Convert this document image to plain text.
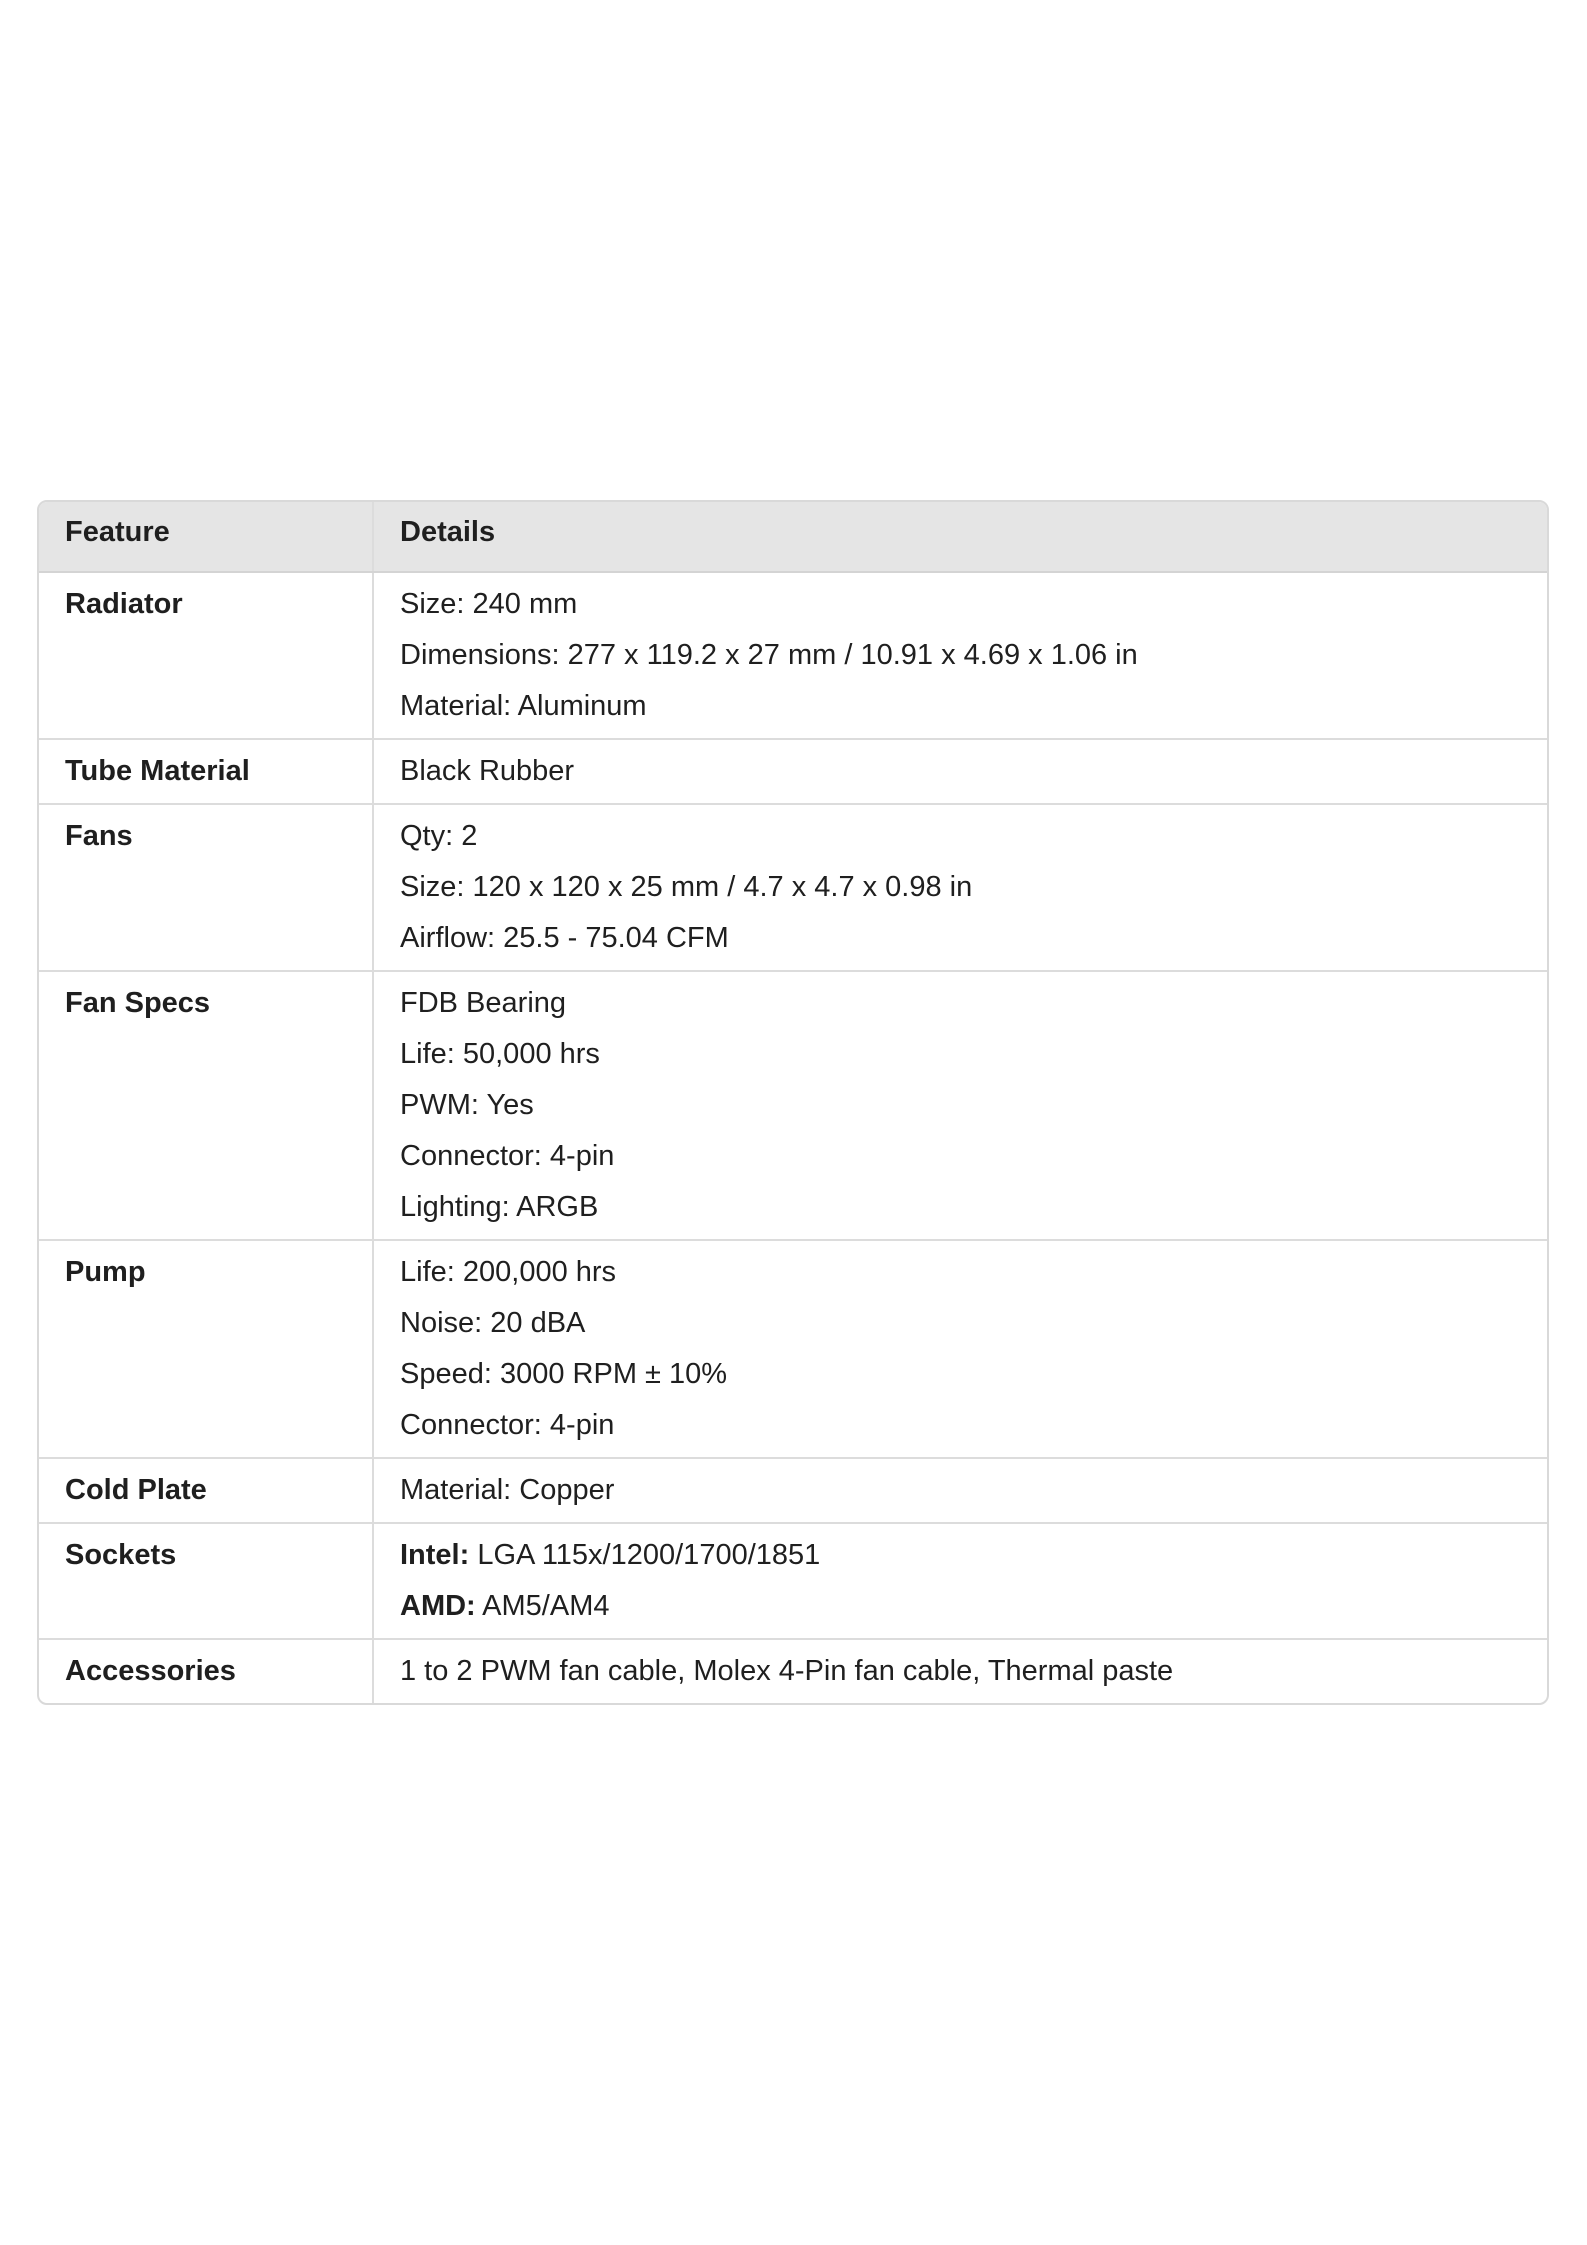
Feature	Details
Radiator	Size: 240 mm
Dimensions: 277 x 119.2 x 27 mm / 10.91 x 4.69 x 1.06 in
Material: Aluminum

Tube Material	Black Rubber

Fans	Qty: 2
Size: 120 x 120 x 25 mm / 4.7 x 4.7 x 0.98 in
Airflow: 25.5 - 75.04 CFM

Fan Specs	FDB Bearing
Life: 50,000 hrs
PWM: Yes
Connector: 4-pin
Lighting: ARGB

Pump	Life: 200,000 hrs
Noise: 20 dBA
Speed: 3000 RPM ± 10%
Connector: 4-pin

Cold Plate	Material: Copper

Sockets	Intel: LGA 115x/1200/1700/1851
AMD: AM5/AM4

Accessories	1 to 2 PWM fan cable, Molex 4-Pin fan cable, Thermal paste
